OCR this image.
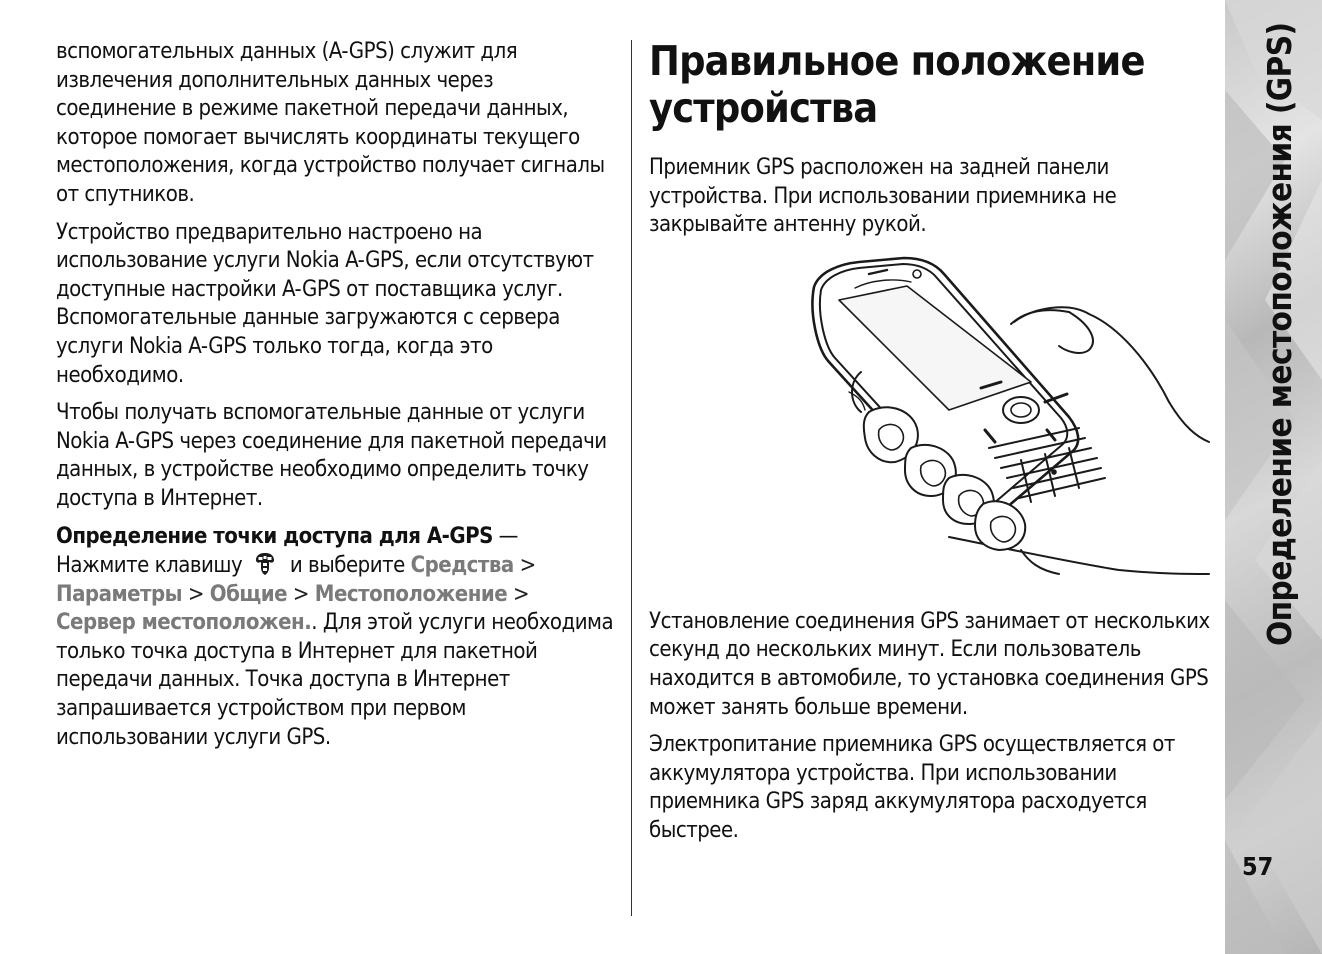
вспомогательных данных (A-GPS) служит для извлечения дополнительных данных через соединение в режиме пакетной передачи данных, которое помогает вычислять координаты текущего местоположения, когда устройство получает сигналы от спутников.

Устройство предварительно настроено на использование услуги Nokia A-GPS, если отсутствуют доступные настройки A-GPS от поставщика услуг. Вспомогательные данные загружаются с сервера услуги Nokia A-GPS только тогда, когда это необходимо.

Чтобы получать вспомогательные данные от услуги Nokia A-GPS через соединение для пакетной передачи данных, в устройстве необходимо определить точку доступа в Интернет.

Определение точки доступа для A-GPS —
Нажмите клавишу и выберите Средства >
Параметры > Общие > Местоположение >
Сервер местоположен.. Для этой услуги необходима только точка доступа в Интернет для пакетной передачи данных. Точка доступа в Интернет запрашивается устройством при первом использовании услуги GPS.

Правильное положение устройства

Приемник GPS расположен на задней панели устройства. При использовании приемника не закрывайте антенну рукой.

Установление соединения GPS занимает от нескольких секунд до нескольких минут. Если пользователь находится в автомобиле, то установка соединения GPS может занять больше времени.

Электропитание приемника GPS осуществляется от аккумулятора устройства. При использовании приемника GPS заряд аккумулятора расходуется быстрее.

Определение местоположения (GPS)
57
